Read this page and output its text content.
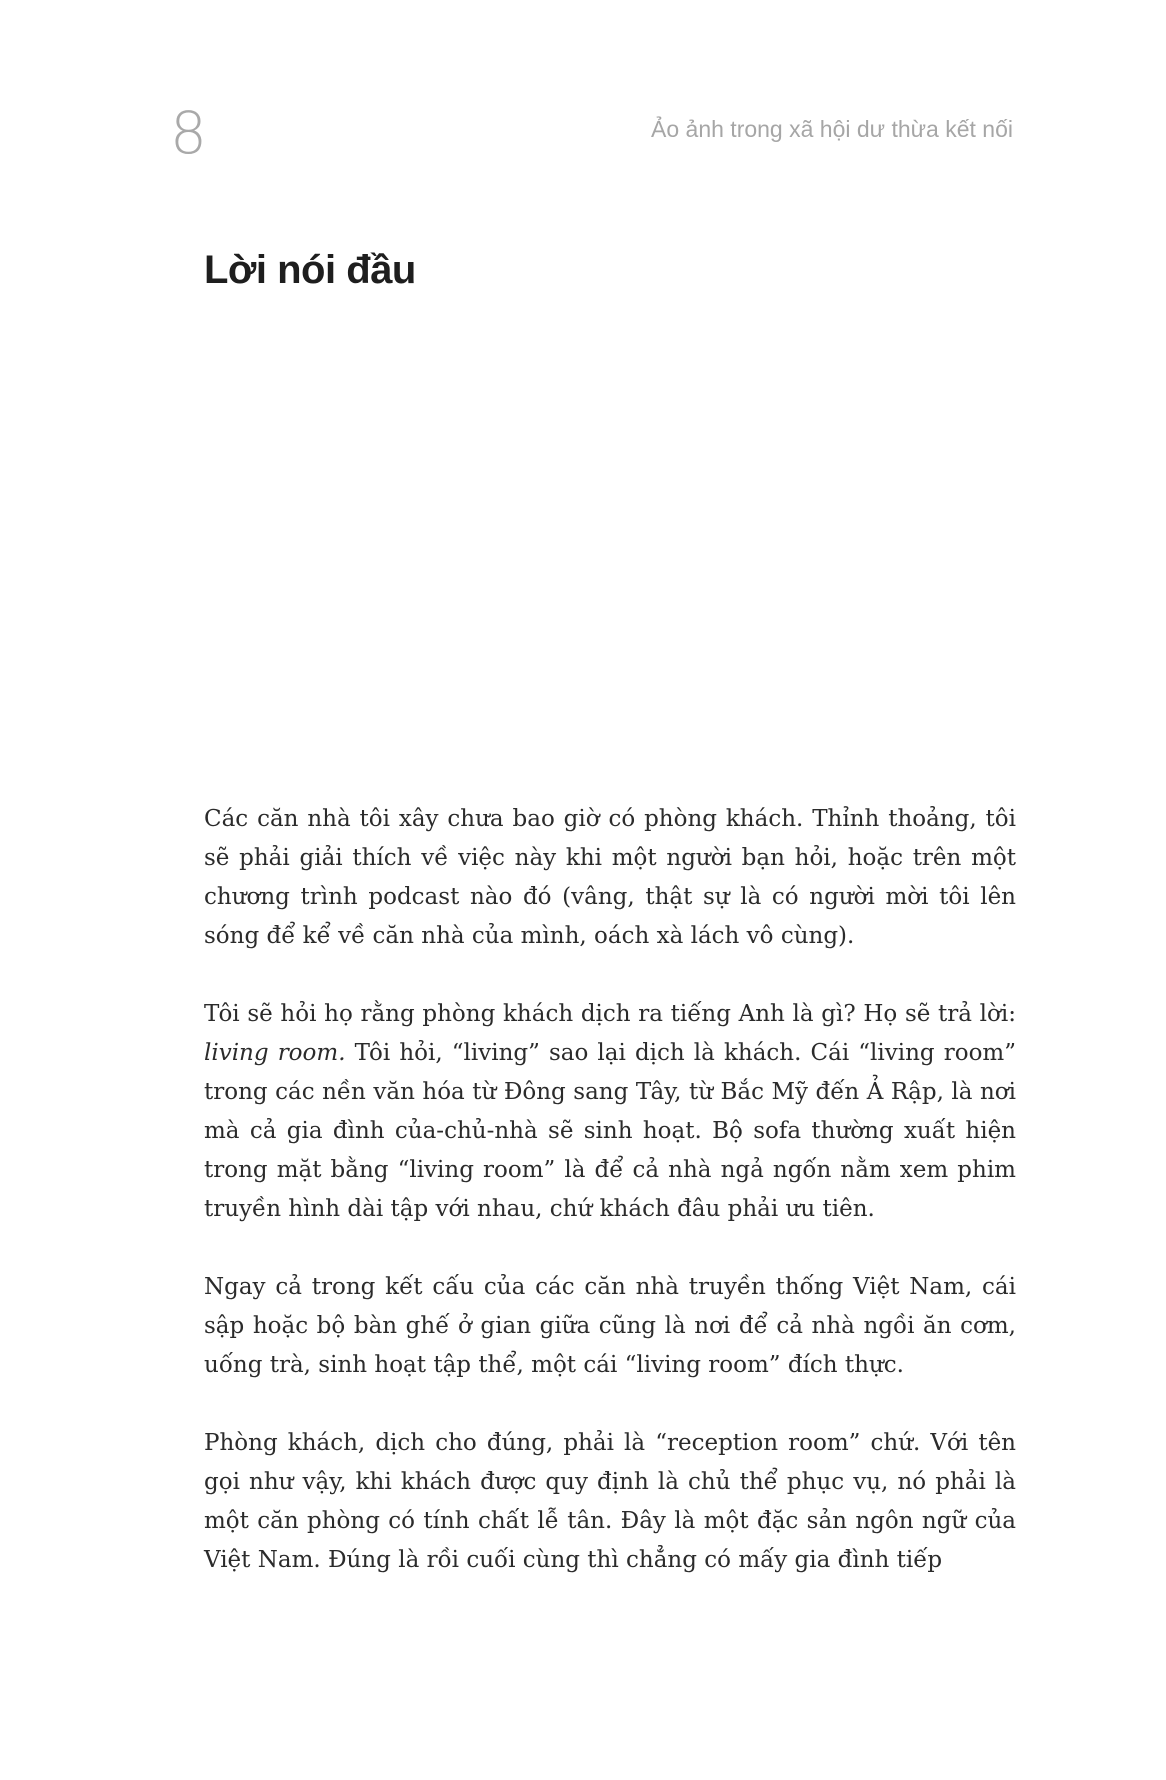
8	Ảo ảnh trong xã hội dư thừa kết nối
Lời nói đầu

Các căn nhà tôi xây chưa bao giờ có phòng khách. Thỉnh thoảng, tôi sẽ phải giải thích về việc này khi một người bạn hỏi, hoặc trên một chương trình podcast nào đó (vâng, thật sự là có người mời tôi lên sóng để kể về căn nhà của mình, oách xà lách vô cùng).

Tôi sẽ hỏi họ rằng phòng khách dịch ra tiếng Anh là gì? Họ sẽ trả lời: living room. Tôi hỏi, “living” sao lại dịch là khách. Cái “living room” trong các nền văn hóa từ Đông sang Tây, từ Bắc Mỹ đến Ả Rập, là nơi mà cả gia đình của-chủ-nhà sẽ sinh hoạt. Bộ sofa thường xuất hiện trong mặt bằng “living room” là để cả nhà ngả ngốn nằm xem phim truyền hình dài tập với nhau, chứ khách đâu phải ưu tiên.

Ngay cả trong kết cấu của các căn nhà truyền thống Việt Nam, cái sập hoặc bộ bàn ghế ở gian giữa cũng là nơi để cả nhà ngồi ăn cơm, uống trà, sinh hoạt tập thể, một cái “living room” đích thực.

Phòng khách, dịch cho đúng, phải là “reception room” chứ. Với tên gọi như vậy, khi khách được quy định là chủ thể phục vụ, nó phải là một căn phòng có tính chất lễ tân. Đây là một đặc sản ngôn ngữ của Việt Nam. Đúng là rồi cuối cùng thì chẳng có mấy gia đình tiếp
